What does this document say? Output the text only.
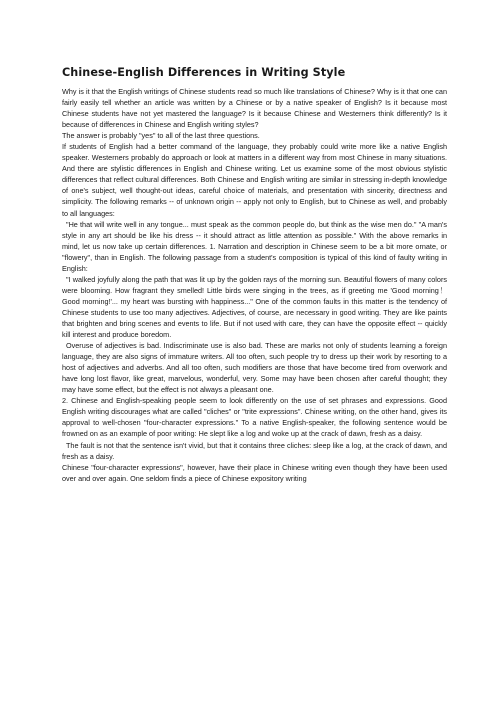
Chinese-English Differences in Writing Style

Why is it that the English writings of Chinese students read so much like translations of Chinese? Why is it that one can fairly easily tell whether an article was written by a Chinese or by a native speaker of English? Is it because most Chinese students have not yet mastered the language? Is it because Chinese and Westerners think differently? Is it because of differences in Chinese and English writing styles?

The answer is probably "yes" to all of the last three questions.

If students of English had a better command of the language, they probably could write more like a native English speaker. Westerners probably do approach or look at matters in a different way from most Chinese in many situations. And there are stylistic differences in English and Chinese writing. Let us examine some of the most obvious stylistic differences that reflect cultural differences. Both Chinese and English writing are similar in stressing in-depth knowledge of one's subject, well thought-out ideas, careful choice of materials, and presentation with sincerity, directness and simplicity. The following remarks -- of unknown origin -- apply not only to English, but to Chinese as well, and probably to all languages:

"He that will write well in any tongue... must speak as the common people do, but think as the wise men do." "A man's style in any art should be like his dress -- it should attract as little attention as possible." With the above remarks in mind, let us now take up certain differences. 1. Narration and description in Chinese seem to be a bit more ornate, or "flowery", than in English. The following passage from a student's composition is typical of this kind of faulty writing in English:

"I walked joyfully along the path that was lit up by the golden rays of the morning sun. Beautiful flowers of many colors were blooming. How fragrant they smelled! Little birds were singing in the trees, as if greeting me 'Good morning！Good morning!'... my heart was bursting with happiness..." One of the common faults in this matter is the tendency of Chinese students to use too many adjectives. Adjectives, of course, are necessary in good writing. They are like paints that brighten and bring scenes and events to life. But if not used with care, they can have the opposite effect -- quickly kill interest and produce boredom.

Overuse of adjectives is bad. Indiscriminate use is also bad. These are marks not only of students learning a foreign language, they are also signs of immature writers. All too often, such people try to dress up their work by resorting to a host of adjectives and adverbs. And all too often, such modifiers are those that have become tired from overwork and have long lost flavor, like great, marvelous, wonderful, very. Some may have been chosen after careful thought; they may have some effect, but the effect is not always a pleasant one.

2. Chinese and English-speaking people seem to look differently on the use of set phrases and expressions. Good English writing discourages what are called "cliches" or "trite expressions". Chinese writing, on the other hand, gives its approval to well-chosen "four-character expressions." To a native English-speaker, the following sentence would be frowned on as an example of poor writing: He slept like a log and woke up at the crack of dawn, fresh as a daisy.

The fault is not that the sentence isn't vivid, but that it contains three cliches: sleep like a log, at the crack of dawn, and fresh as a daisy.

Chinese "four-character expressions", however, have their place in Chinese writing even though they have been used over and over again. One seldom finds a piece of Chinese expository writing
